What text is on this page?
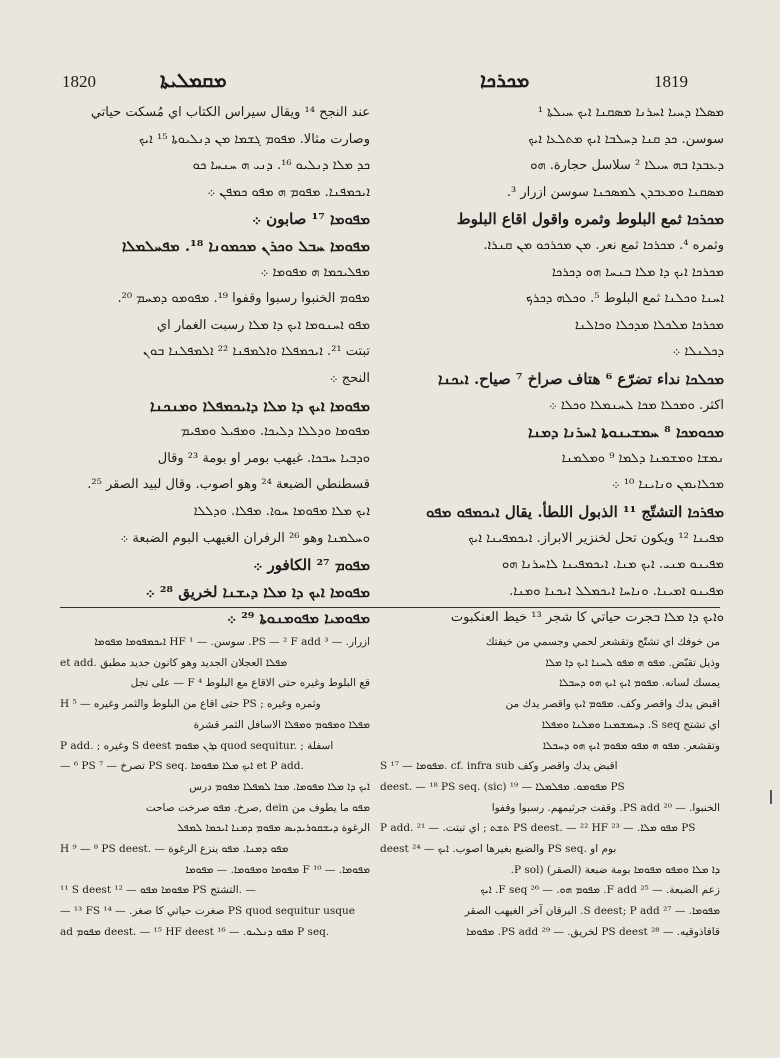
1820	ܡܩܡܠܝܬܐ	ܡܟܪܟܐ	1819

ܡܣܠܐ ܕܚܝܐ ܐܚܪܢܐ ܡܣܩܢܐ ܐܝܟ ܚܝܠܬܐ ¹

سوسن. ܟܕ ܩܢܐ ܕܚܠܒܐ ܐܝܟ ܡܬܠܥܐ ܐܝܟ

ܕܥܒܕܐ ܒܗ ܚܝܠܐ ² سلاسل حجارة. ܗܘ

ܡܣܩܢܐ ܘܡܥܒܕܢ ܠܡܣܟܢܐ سوسن ازرار ³.

ܡܟܪܟܐ ثمع البلوط وثمره واقول اقاع البلوط

وثمره ⁴. ܡܟܪܟܐ ثمع نعر. ܡܢ ܡܟܪܟܘ ܡܢ ܩܢܪܐ.

ܡܟܪܟܐ ܐܝܟ ܕܐ ܡܠܐ ܒܢܚܐ ܗܘ ܕܟܪܟܐ

ܐܚܢܐ ܘܟܠܢܐ ثمع البلوط ⁵. ܘܟܠܗ ܕܟܪܟ

ܡܟܪܟܐ ܡܠܟܠܐ ܡܕܟܠܐ ܘܟܐܠܢܐ

ܕܟܠܢܠܐ ܀

ܡܟܠܟܐ نداء تضرّع ⁶ هتاف صراخ ⁷ صياح. ܐܝܟܢܐ

اكثر. ܘܡܟܠܐ ܡܟܐ ܠܚܢܡܠܐ ܘܟܠܐ ܀

ܡܟܘܡܟܐ ⁸ ܚܡܫܝܢܘܬܐ ܐܚܪܢܐ ܕܡܢܐ

ܢܡܫܐ ܘܡܫܡܢܐ ܕܠܡܐ ⁹ ܘܡܠܡܢܐ

ܡܟܠܐܝܡܢ ܘܢܐܝܢܐ ¹⁰ ܀

ܡܦܪܟܐ التشتّج ¹¹ الذبول اللطأ. يقال ܐܝܟܡܦܘ ܡܦܘ

ܡܦܝܢܐ ¹² ويكون تحل لخنزير الابراز. ܐܝܟܡܦܝܢܐ ܐܝܟ

ܡܦܝܢܘ ܡܢܝ. ܐܝܟ ܡܢܐ. ܐܝܟܡܦܝܢܐ ܠܐܚܪܢܐ ܗܘ

ܡܦܝܢܘ ܐܡܝܢܐ. ܘܢܐܚܐ ܐܝܟܡܠܠ ܐܝܟܢܐ ܘܡܢܐ.

ܘܐܝܟ ܕܐ ܡܠܐ ܒجرت حياتي كا شجر ¹³ خيط العنكبوت

عند النجح ¹⁴ ويقال سيراس الكتاب اي مُسكت حياتي

وصارت مثالا. ܡܦܘܡ ܓܫܡܐ ܡܢ ܕܢܠܝܘܬܐ ¹⁵ ܐܝܟ

ܟܕ ܡܠܐ ܕܢܠܝܘ ¹⁶. ܕܢܝ ܗ ܚܢܚܐ ܟܘ

ܐܝܟܡܦܢܐ. ܡܦܘܡ ܗ ܡܦܘ ܟܡܦܢ ܀

ܡܦܘܡܐ ¹⁷ صابون ܀

ܡܦܘܡܐ ܚܒܠ ܘܟܪܢ ܡܟܡܘܢܐ ¹⁸. ܡܦܚܠܡܠܐ

ܡܦܠܝܟܡܐ ܗ ܡܦܘܡܐ ܀

ܡܦܘܡ الخنبوا رسبوا وقفوا ¹⁹. ܡܦܘܡܘ ܕܡܚܡ ²⁰.

ܡܦܘ ܐܚܢܘܡܐ ܐܝܟ ܕܐ ܡܠܐ رسبت الغمار اي

تبتت ²¹. ܐܝܟܡܦܠܐ ܘܐܠܡܦܢܐ ²² ܐܠܡܦܠܢܐ ܒܘܢ

النحج ܀

ܡܦܘܡܐ ܐܝܟ ܕܐ ܡܠܐ ܕܐܝܟܡܦܠܐ ܘܡܢܟܢܐ

ܡܦܘܡܐ ܘܕܠܠܐ ܕܠܝܟܐ. ܘܡܦܝܠ ܘܡܦܝܡ

ܘܕܒܝܐ ܚܒܟܐ. غيهب بومر او بومة ²³ وقال

قسطنطي الضبعة ²⁴ وهو اصوب. وقال لبيد الصقر ²⁵.

ܐܝܟ ܡܠܐ ܡܦܘܡܐ ܚܘܐ. ܡܦܠܐ. ܘܕܠܠܐ

ܘܚܠܡܢܐ وهو ²⁶ الرفران الغيهب البوم الضبعة ܀

ܡܦܘܡ ²⁷ الكافور ܀

ܡܦܘܡܐ ܐܝܟ ܕܐ ܡܠܐ ܕܝܫܢܐ لخريق ²⁸ ܀

ܡܦܘܡܝܐ ܡܦܘܡܢܘܬܐ ²⁹ ܀

من خوفك اي تشتّج وتقشعر لحمي وجسمي من خيفتك

وذيل تقبّض. ܡܦܘ ܗ ܡܦܘ ܠܚܢܐ ܐܝܟ ܕܐ ܡܠܐ

يمسك لسانه. ܡܦܘܡ ܐܝܟ ܐܝܟ ܗܘ ܕܚܒܠܐ

اقبض يدك واقصر وكف. ܡܦܘܡ ܐܝܟ واقصر يدك من

اي تشتج S seq. ܕܚܡܫܡܢܐ ܘܡܠܢܐ ܘܡܦܠܐ

وتقشعر. ܡܦܘ ܗ ܡܦܘ ܡܦܘܡ ܐܝܟ ܗܘ ܕܚܒܠܐ

S ¹⁷ — ܡܦܘܡܐ. cf. infra sub اقبض يدك واقصر وكف

deest. — ¹⁸ PS seq. (sic) ܡܦܘܡܘ. ܡܦܠܡܠܐ — ¹⁹ PS

الخنبوا. — ²⁰ PS add. وقفت جرثيمهم. رسبوا وقفوا

P add. ܬܫܬ ; اي تبتت. — ²¹ PS deest. — ²² HF ܡܦܘ ܡܠܐ. — ²³ PS

deest والضبع بغيرها اصوب. ܐܝܟ — ²⁴ PS seq. بوم او

ܕܐ ܡܠܐ ܘܡܦܘ ܡܦܘܡܐ بومة ضبعة (الصقر) (P sol.

زعم الضبعة. — ²⁵ F add. ܡܦܘܡ ܗܘ. — ²⁶ F seq. ܐܝܟ

ܡܦܘܡܐ. — ²⁷ S deest; P add. البرقان آخر الغيهب الصقر

قافاذوقيه. — ²⁸ PS deest لخريق. — ²⁹ PS add. ܡܦܘܡܐ

ازرار. — ³ PS — ² F add. سوسن. — ¹ HF ܐܝܟܡܦܘܡܐ ܡܦܘܡܐ

et add. ܡܦܠܐ العجلان الجديد وهو كانون جديد مطبق

قع البلوط وغيره حتى الاقاع مع البلوط F ⁴ — على تجل

H ⁵ — حتى اقاع من البلوط والثمر وغيره PS ; وثمره وغيره

ܡܦܠܐ ܘܡܦܘܡ ܘܡܦܠܐ الاسافل الثمر قشرة

P add. ; وغيره S deest ܕܪܢ ܡܦܘܡ quod sequitur. ; اسفلة

— ⁶ PS تصرخ — ⁷ PS seq. ܐܝܟ ܡܠܐ ܡܦܘܡܐ et P add.

ܐܝܟ ܕܐ ܡܠܐ ܡܦܘܡܐ. ܡܟܐ ܠܡܦܠܐ ܡܦܘܡ درس

ܡܦܘ ما يطوف من dein ,صرخ. ܡܦܘ صرخت صاحت

الرغوة ܕܝܫܩܘܪܝܕܝܣ ܡܦܘܡ ܕܡܢܐ ܐܝܟܡܐ ܠܡܦܠ

H ⁹ — ⁸ PS deest. — ܡܦܘ ܕܡܢܐ. ܡܦܘ ينزع الرغوة

ܡܦܘܡܐ. — ¹⁰ F ܡܦܘܡܐ ܘܡܦܘܡܐ. — ܡܦܘܡܐ

¹¹ S deest ܡܦܘܡܐ ܡܦܘ — ¹² PS التشتج. —

— ¹³ FS صغرت حياتي كا صغر. — ¹⁴ PS quod sequitur usque

ad ܡܦܘܡ deest. — ¹⁵ HF deest ܡܦܘ ܕܢܠܝܘ. — ¹⁶ P seq.
